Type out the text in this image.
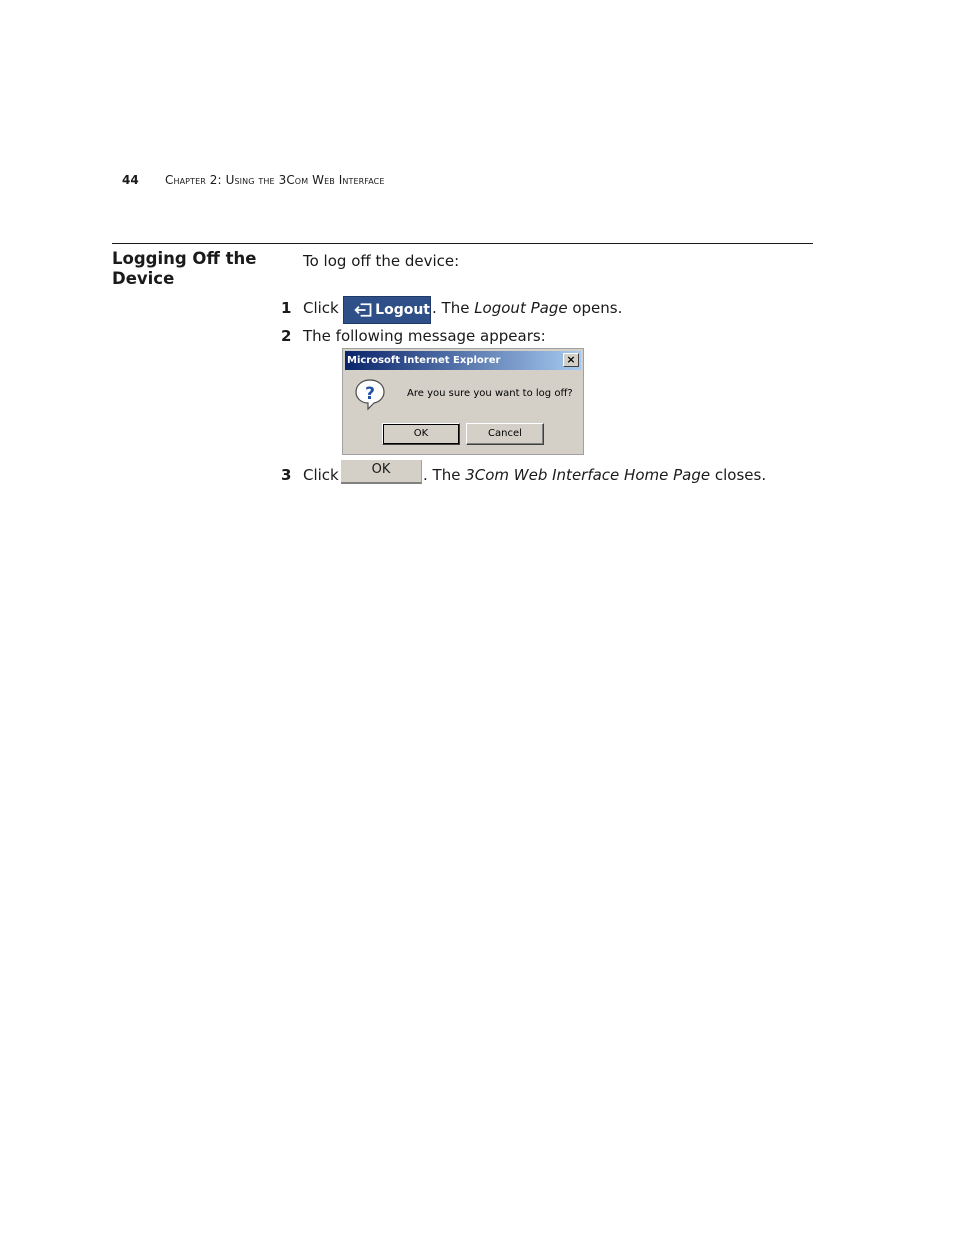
44 Chapter 2: Using the 3Com Web Interface
Logging Off the Device
To log off the device:
1 Click	Logout . The Logout Page opens.
2 The following message appears:
Microsoft Internet Explorer	×
?	Are you sure you want to log off?
OK	Cancel
3 Click	OK	. The 3Com Web Interface Home Page closes.
